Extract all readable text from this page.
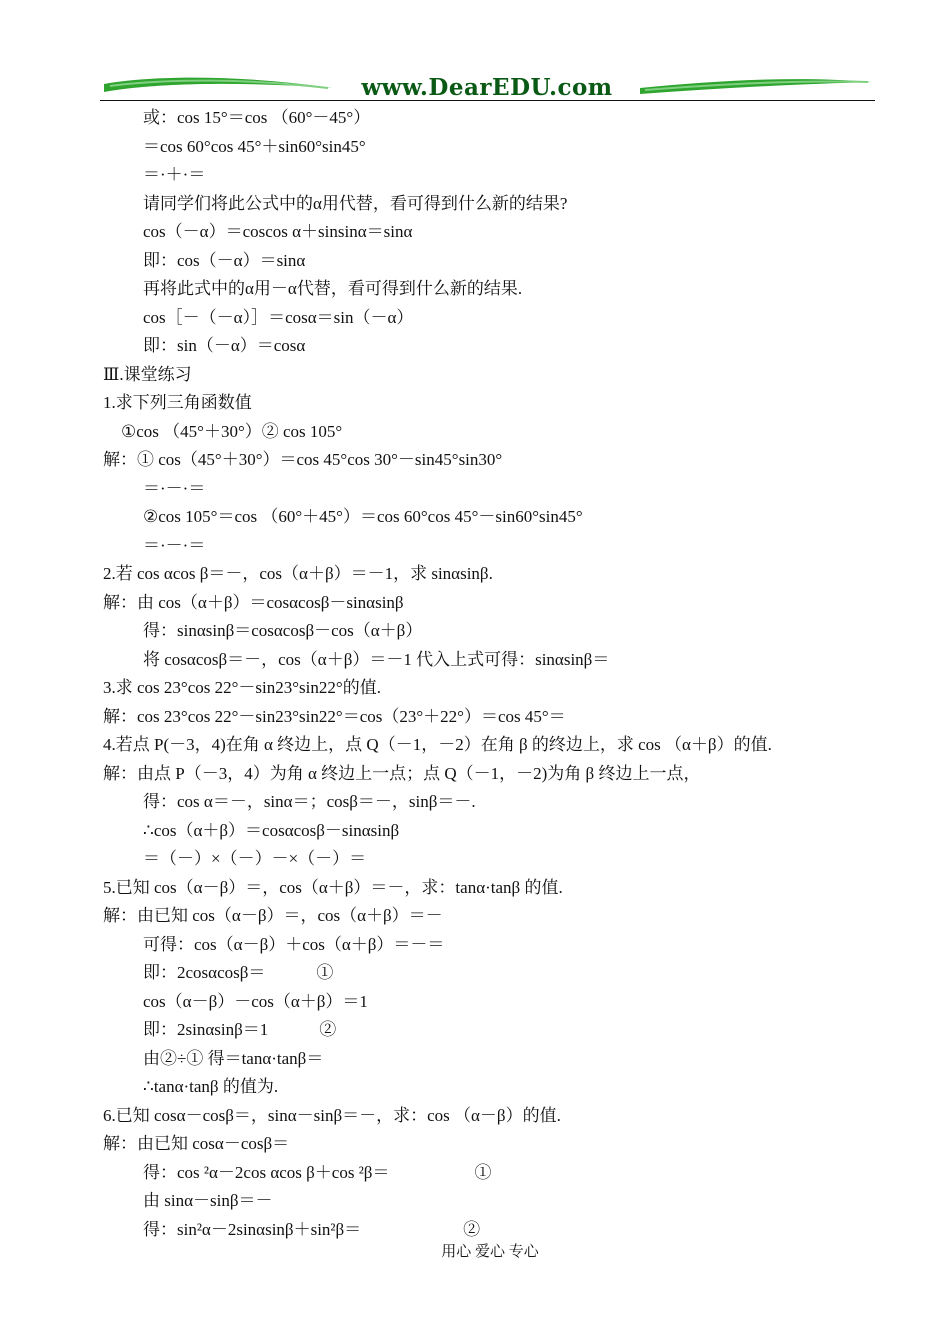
www.DearEDU.com
或：cos 15°＝cos （60°－45°）
＝cos 60°cos 45°＋sin60°sin45°
＝·＋·＝
请同学们将此公式中的α用代替，看可得到什么新的结果?
cos（－α）＝coscos α＋sinsinα＝sinα
即：cos（－α）＝sinα
再将此式中的α用－α代替，看可得到什么新的结果.
cos［－（－α）］＝cosα＝sin（－α）
即：sin（－α）＝cosα
Ⅲ.课堂练习
1.求下列三角函数值
①cos （45°＋30°）② cos 105°
解：① cos（45°＋30°）＝cos 45°cos 30°－sin45°sin30°
＝·－·＝
②cos 105°＝cos （60°＋45°）＝cos 60°cos 45°－sin60°sin45°
＝·－·＝
2.若 cos αcos β＝－，cos（α＋β）＝－1，求 sinαsinβ.
解：由 cos（α＋β）＝cosαcosβ－sinαsinβ
得：sinαsinβ＝cosαcosβ－cos（α＋β）
将 cosαcosβ＝－，cos（α＋β）＝－1 代入上式可得：sinαsinβ＝
3.求 cos 23°cos 22°－sin23°sin22°的值.
解：cos 23°cos 22°－sin23°sin22°＝cos（23°＋22°）＝cos 45°＝
4.若点 P(－3，4)在角 α 终边上，点 Q（－1，－2）在角 β 的终边上，求 cos （α＋β）的值.
解：由点 P（－3，4）为角 α 终边上一点；点 Q（－1，－2)为角 β 终边上一点，
得：cos α＝－，sinα＝；cosβ＝－，sinβ＝－.
∴cos（α＋β）＝cosαcosβ－sinαsinβ
＝（－）×（－）－×（－）＝
5.已知 cos（α－β）＝，cos（α＋β）＝－，求：tanα·tanβ 的值.
解：由已知 cos（α－β）＝，cos（α＋β）＝－
可得：cos（α－β）＋cos（α＋β）＝－＝
即：2cosαcosβ＝　　　①
cos（α－β）－cos（α＋β）＝1
即：2sinαsinβ＝1　　　②
由②÷① 得＝tanα·tanβ＝
∴tanα·tanβ 的值为.
6.已知 cosα－cosβ＝，sinα－sinβ＝－，求：cos （α－β）的值.
解：由已知 cosα－cosβ＝
得：cos ²α－2cos αcos β＋cos ²β＝　　　　　①
由 sinα－sinβ＝－
得：sin²α－2sinαsinβ＋sin²β＝　　　　　　②
用心 爱心 专心
